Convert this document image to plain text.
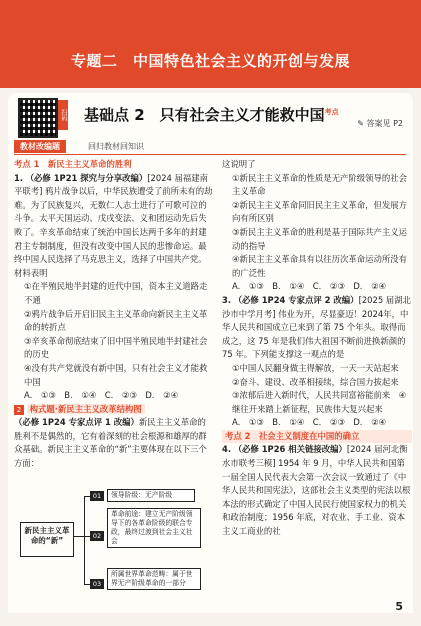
专题二　中国特色社会主义的开创与发展
扫码 基础点 2　只有社会主义才能救中国$^{考点}$
✎ 答案见 P2
教材改编题	回归教材回知识
考点 1　新民主主义革命的胜利
1. （必修 1P21 探究与分享改编）[2024 届福建南平联考] 鸦片战争以后，中华民族遭受了前所未有的劫难。为了民族复兴，无数仁人志士进行了可歌可泣的斗争。太平天国运动、戊戌变法、义和团运动先后失败了。辛亥革命结束了统治中国长达两千多年的封建君主专制制度，但没有改变中国人民的悲惨命运。最终中国人民选择了马克思主义，选择了中国共产党。材料表明
①在半殖民地半封建的近代中国，资本主义道路走不通
②鸦片战争后开启旧民主主义革命向新民主主义革命的转折点
③辛亥革命彻底结束了旧中国半殖民地半封建社会的历史
④没有共产党就没有新中国，只有社会主义才能救中国
A. ①③　B. ①④　C. ②③　D. ②④
2 构式题·新民主主义改革结构图
（必修 1P24 专家点评 1 改编）新民主主义革命的胜利不是偶然的，它有着深刻的社会根源和雄厚的群众基础。新民主主义革命的“新”主要体现在以下三个方面：
新民主主义革命的“新”
01	领导阶级：无产阶级
02
革命前途：建立无产阶级领导下的各革命阶级的联合专政，最终过渡到社会主义社会
03
所属世界革命范畴：属于世界无产阶级革命的一部分
这说明了
①新民主主义革命的性质是无产阶级领导的社会主义革命
②新民主主义革命同旧民主主义革命，但发展方向有所区别
③新民主主义革命的胜利是基于国际共产主义运动的指导
④新民主主义革命具有以往历次革命运动所没有的广泛性
A. ①③　B. ①④　C. ②③　D. ②④
3. （必修 1P24 专家点评 2 改编）[2025 届湖北沙市中学月考] 伟业为开，尽显豪迈！2024年，中华人民共和国成立已来到了第 75 个年头。取得而成之，这 75 年是我们伟大祖国不断前进换新颜的 75 年。下列能支撑这一观点的是
①中国人民翻身做主得解放，一天一天站起来　②奋斗、建设、改革相接续，综合国力拔起来　③浓郁后进入新时代，人民共同富裕能前来　④继往开来踏上新征程，民族伟大复兴起来
A. ①③　B. ①④　C. ②③　D. ②④
考点 2　社会主义制度在中国的确立
4. （必修 1P26 相关链接改编）[2024 届河北衡水市联考三模] 1954 年 9 月，中华人民共和国第一届全国人民代表大会第一次会议一致通过了《中华人民共和国宪法》，这部社会主义类型的宪法以根本法的形式确定了中国人民民行使国家权力的机关和政治制度；1956 年底，对农业、手工业、资本主义工商业的社
5
